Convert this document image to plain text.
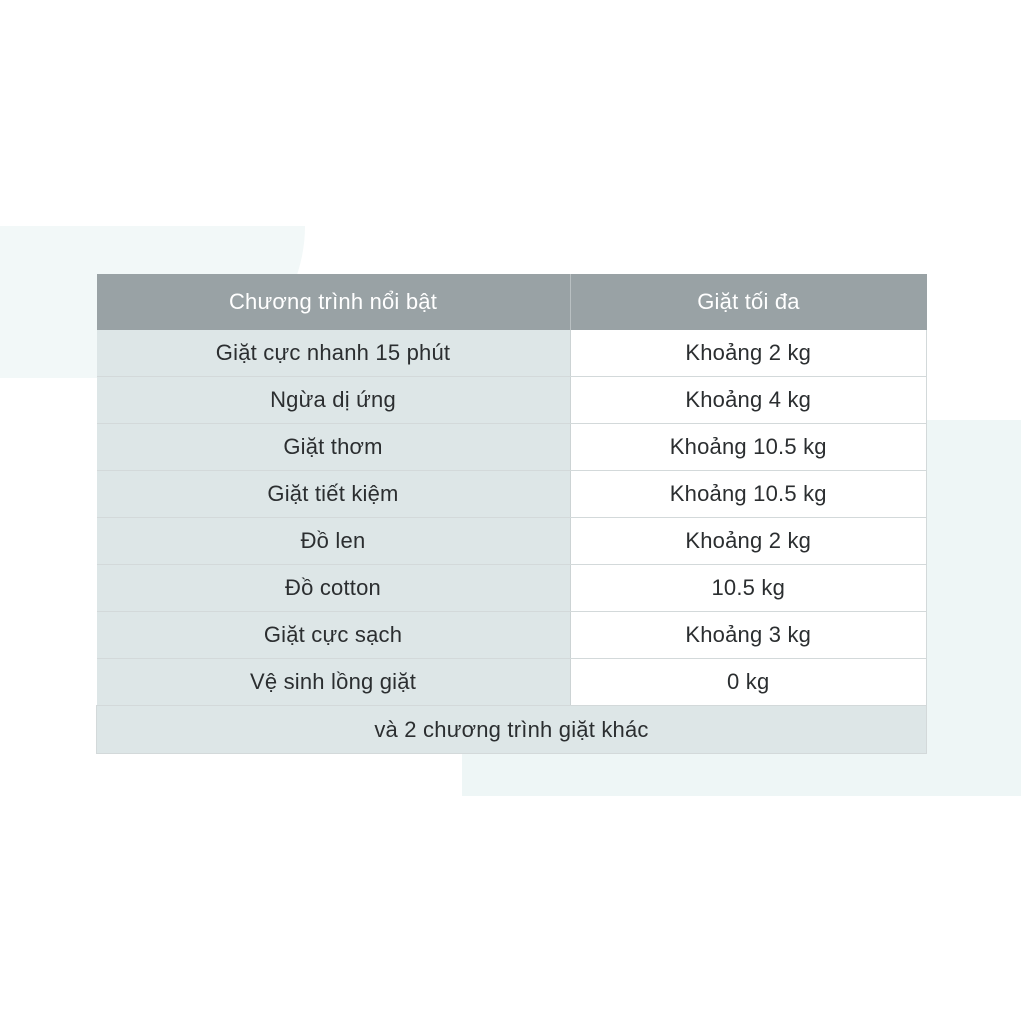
Chương trình nổi bật	Giặt tối đa
Giặt cực nhanh 15 phút	Khoảng 2 kg
Ngừa dị ứng	Khoảng 4 kg
Giặt thơm	Khoảng 10.5 kg
Giặt tiết kiệm	Khoảng 10.5 kg
Đồ len	Khoảng 2 kg
Đồ cotton	10.5 kg
Giặt cực sạch	Khoảng 3 kg
Vệ sinh lồng giặt	0 kg
và 2 chương trình giặt khác	
